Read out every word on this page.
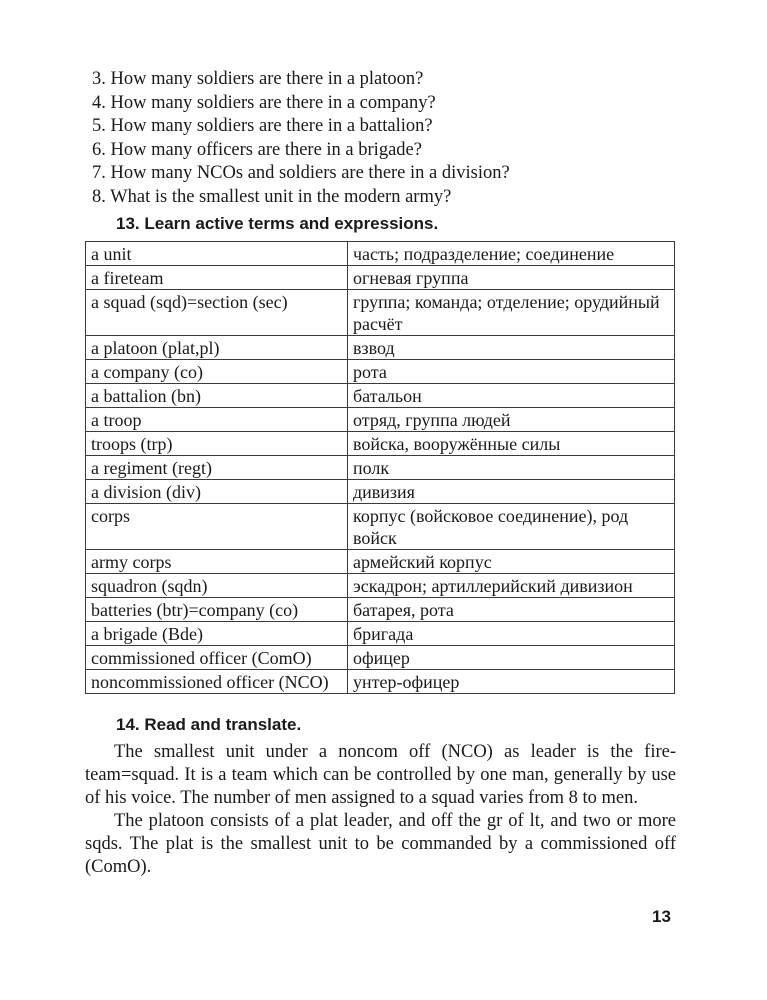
3. How many soldiers are there in a platoon?
4. How many soldiers are there in a company?
5. How many soldiers are there in a battalion?
6. How many officers are there in a brigade?
7. How many NCOs and soldiers are there in a division?
8. What is the smallest unit in the modern army?
13. Learn active terms and expressions.
a unit	часть; подразделение; соединение
a fireteam	огневая группа
a squad (sqd)=section (sec)	группа; команда; отделение; орудийный расчёт
a platoon (plat,pl)	взвод
a company (co)	рота
a battalion (bn)	батальон
a troop	отряд, группа людей
troops (trp)	войска, вооружённые силы
a regiment (regt)	полк
a division (div)	дивизия
corps	корпус (войсковое соединение), род войск
army corps	армейский корпус
squadron (sqdn)	эскадрон; артиллерийский дивизион
batteries (btr)=company (co)	батарея, рота
a brigade (Bde)	бригада
commissioned officer (ComO)	офицер
noncommissioned officer (NCO)	унтер-офицер
14. Read and translate.

The smallest unit under a noncom off (NCO) as leader is the fire-team=squad. It is a team which can be controlled by one man, generally by use of his voice. The number of men assigned to a squad varies from 8 to men.

The platoon consists of a plat leader, and off the gr of lt, and two or more sqds. The plat is the smallest unit to be commanded by a commissioned off (ComO).

13
